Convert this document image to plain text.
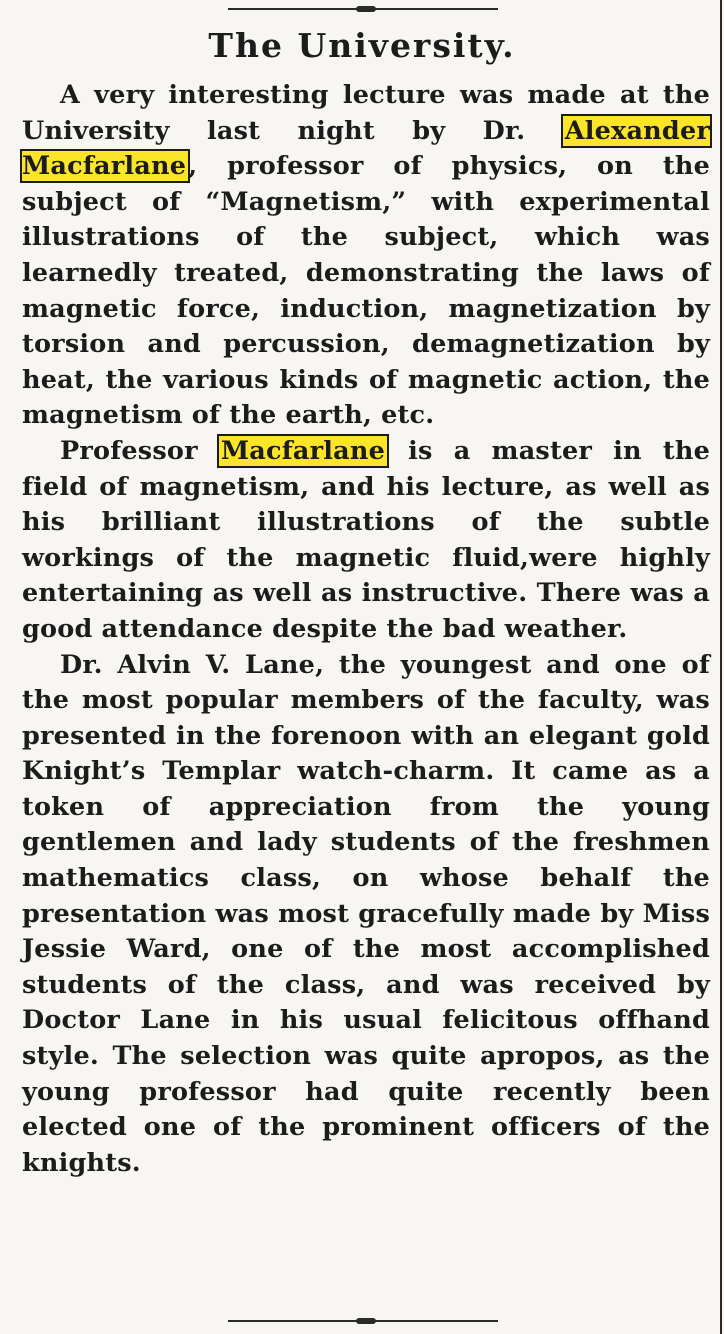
The University.

A very interesting lecture was made at the University last night by Dr. Alexander Macfarlane, professor of physics, on the subject of “Magnetism,” with experimental illustrations of the subject, which was learnedly treated, demonstrating the laws of magnetic force, induction, magnetization by torsion and percussion, demagnetization by heat, the various kinds of magnetic action, the magnetism of the earth, etc.

Professor Macfarlane is a master in the field of magnetism, and his lecture, as well as his brilliant illustrations of the subtle workings of the magnetic fluid,were highly entertaining as well as instructive. There was a good attendance despite the bad weather.

Dr. Alvin V. Lane, the youngest and one of the most popular members of the faculty, was presented in the forenoon with an elegant gold Knight’s Templar watch-charm. It came as a token of appreciation from the young gentlemen and lady students of the freshmen mathematics class, on whose behalf the presentation was most gracefully made by Miss Jessie Ward, one of the most accomplished students of the class, and was received by Doctor Lane in his usual felicitous offhand style. The selection was quite apropos, as the young professor had quite recently been elected one of the prominent officers of the knights.
